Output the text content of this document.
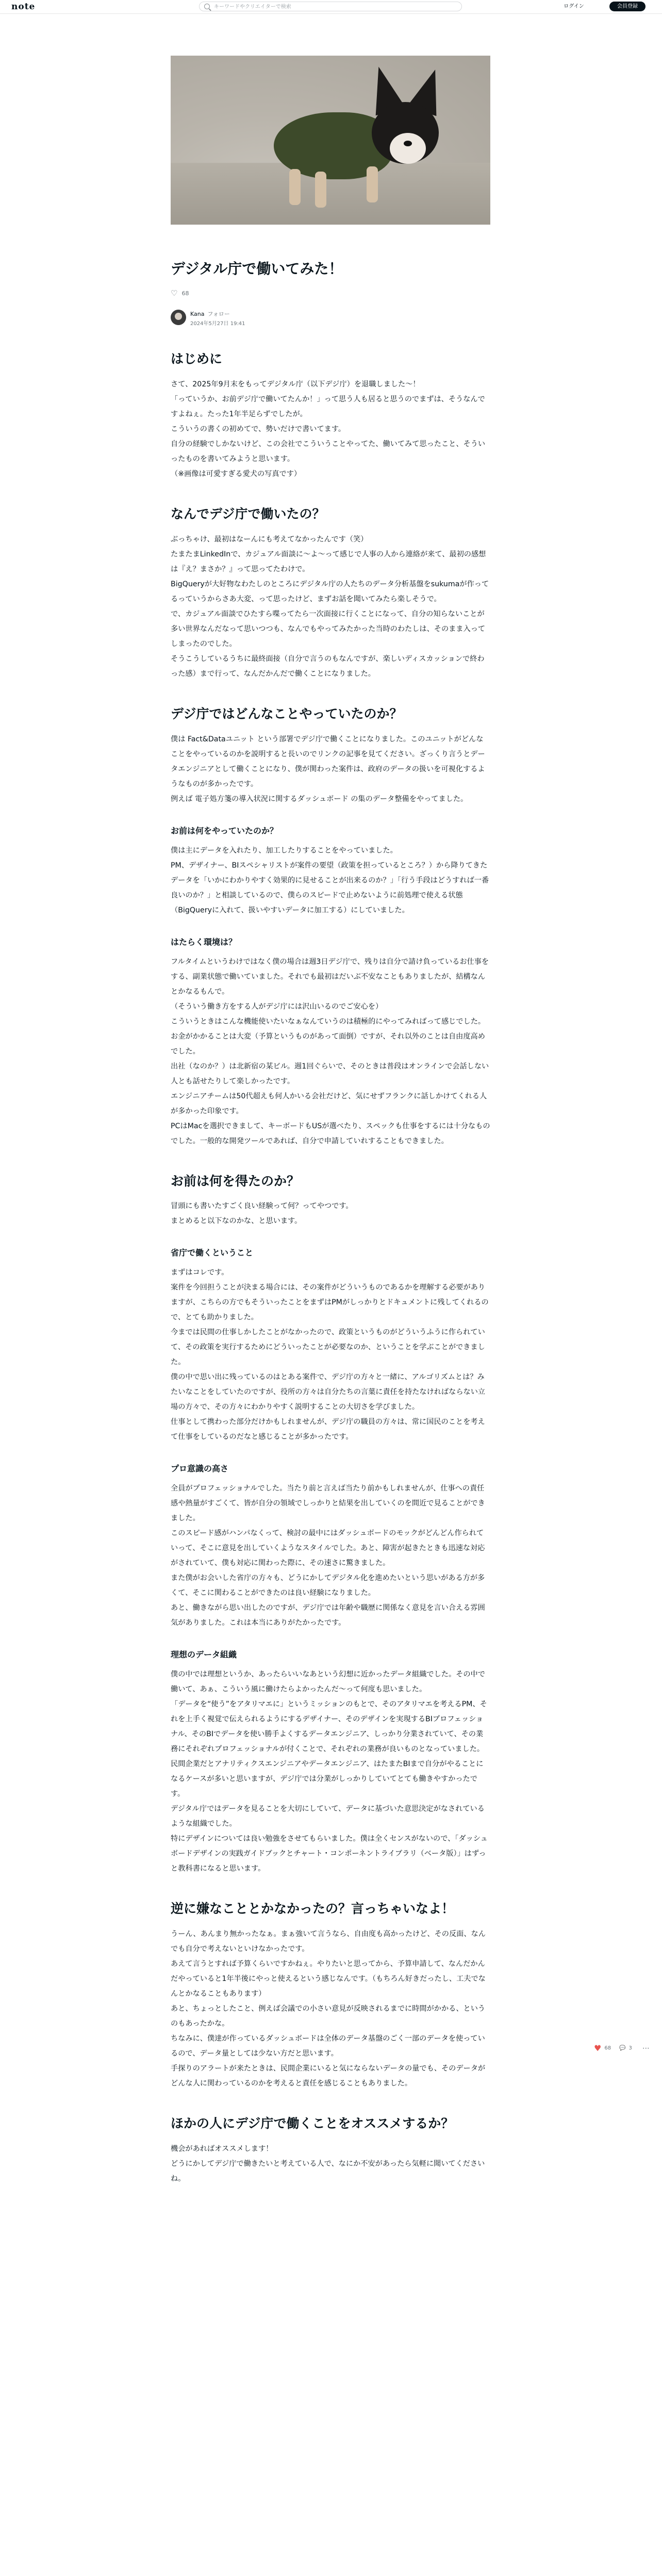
note	キーワードやクリエイターで検索	ログイン	会員登録
♥ 68 💬 3 ⋯
デジタル庁で働いてみた！
♡ 68
Kana フォロー
2024年5月27日 19:41
はじめに

さて、2025年9月末をもってデジタル庁（以下デジ庁）を退職しました〜！

「っていうか、お前デジ庁で働いてたんか！」って思う人も居ると思うのでまずは、そうなんですよねぇ。たった1年半足らずでしたが。

こういうの書くの初めてで、勢いだけで書いてます。

自分の経験でしかないけど、この会社でこういうことやってた、働いてみて思ったこと、そういったものを書いてみようと思います。

（※画像は可愛すぎる愛犬の写真です）

なんでデジ庁で働いたの？

ぶっちゃけ、最初はなーんにも考えてなかったんです（笑）

たまたまLinkedInで、カジュアル面談に〜よ〜って感じで人事の人から連絡が来て、最初の感想は『え？まさか？』って思ってたわけで。

BigQueryが大好物なわたしのところにデジタル庁の人たちのデータ分析基盤をsukumaが作ってるっていうからさあ大変、って思ったけど、まずお話を聞いてみたら楽しそうで。

で、カジュアル面談でひたすら喋ってたら一次面接に行くことになって、自分の知らないことが多い世界なんだなって思いつつも、なんでもやってみたかった当時のわたしは、そのまま入ってしまったのでした。

そうこうしているうちに最終面接（自分で言うのもなんですが、楽しいディスカッションで終わった感）まで行って、なんだかんだで働くことになりました。

デジ庁ではどんなことやっていたのか？

僕は Fact&Dataユニット という部署でデジ庁で働くことになりました。このユニットがどんなことをやっているのかを説明すると長いのでリンクの記事を見てください。ざっくり言うとデータエンジニアとして働くことになり、僕が関わった案件は、政府のデータの扱いを可視化するようなものが多かったです。

例えば 電子処方箋の導入状況に関するダッシュボード の集のデータ整備をやってました。

お前は何をやっていたのか？

僕は主にデータを入れたり、加工したりすることをやっていました。

PM、デザイナー、BIスペシャリストが案件の要望（政策を担っているところ？）から降りてきたデータを「いかにわかりやすく効果的に見せることが出来るのか？」「行う手段はどうすれば一番良いのか？」と相談しているので、僕らのスピードで止めないように前処理で使える状態（BigQueryに入れて、扱いやすいデータに加工する）にしていました。

はたらく環境は？

フルタイムというわけではなく僕の場合は週3日デジ庁で、残りは自分で請け負っているお仕事をする、副業状態で働いていました。それでも最初はだいぶ不安なこともありましたが、結構なんとかなるもんで。

（そういう働き方をする人がデジ庁には沢山いるのでご安心を）

こういうときはこんな機能使いたいなぁなんていうのは積極的にやってみればって感じでした。お金がかかることは大変（予算というものがあって面倒）ですが、それ以外のことは自由度高めでした。

出社（なのか？）は北新宿の某ビル。週1回ぐらいで、そのときは普段はオンラインで会話しない人とも話せたりして楽しかったです。

エンジニアチームは50代超えも何人かいる会社だけど、気にせずフランクに話しかけてくれる人が多かった印象です。

PCはMacを選択できまして、キーボードもUSが選べたり、スペックも仕事をするには十分なものでした。一般的な開発ツールであれば、自分で申請していれすることもできました。

お前は何を得たのか？

冒頭にも書いたすごく良い経験って何？ってやつです。

まとめると以下なのかな、と思います。

省庁で働くということ

まずはコレです。

案件を今回担うことが決まる場合には、その案件がどういうものであるかを理解する必要がありますが、こちらの方でもそういったことをまずはPMがしっかりとドキュメントに残してくれるので、とても助かりました。

今までは民間の仕事しかしたことがなかったので、政策というものがどういうふうに作られていて、その政策を実行するためにどういったことが必要なのか、ということを学ぶことができました。

僕の中で思い出に残っているのはとある案件で、デジ庁の方々と一緒に、アルゴリズムとは？みたいなことをしていたのですが、役所の方々は自分たちの言葉に責任を持たなければならない立場の方々で、その方々にわかりやすく説明することの大切さを学びました。

仕事として携わった部分だけかもしれませんが、デジ庁の職員の方々は、常に国民のことを考えて仕事をしているのだなと感じることが多かったです。

プロ意識の高さ

全員がプロフェッショナルでした。当たり前と言えば当たり前かもしれませんが、仕事への責任感や熱量がすごくて、皆が自分の領域でしっかりと結果を出していくのを間近で見ることができました。

このスピード感がハンパなくって、検討の最中にはダッシュボードのモックがどんどん作られていって、そこに意見を出していくようなスタイルでした。あと、障害が起きたときも迅速な対応がされていて、僕も対応に関わった際に、その速さに驚きました。

また僕がお会いした省庁の方々も、どうにかしてデジタル化を進めたいという思いがある方が多くて、そこに関わることができたのは良い経験になりました。

あと、働きながら思い出したのですが、デジ庁では年齢や職歴に関係なく意見を言い合える雰囲気がありました。これは本当にありがたかったです。

理想のデータ組織

僕の中では理想というか、あったらいいなあという幻想に近かったデータ組織でした。その中で働いて、あぁ、こういう風に働けたらよかったんだ〜って何度も思いました。

「データを“使う”をアタリマエに」というミッションのもとで、そのアタリマエを考えるPM、それを上手く視覚で伝えられるようにするデザイナー、そのデザインを実現するBIプロフェッショナル、そのBIでデータを使い勝手よくするデータエンジニア、しっかり分業されていて、その業務にそれぞれプロフェッショナルが付くことで、それぞれの業務が良いものとなっていました。

民間企業だとアナリティクスエンジニアやデータエンジニア、はたまたBIまで自分がやることになるケースが多いと思いますが、デジ庁では分業がしっかりしていてとても働きやすかったです。

デジタル庁ではデータを見ることを大切にしていて、データに基づいた意思決定がなされているような組織でした。

特にデザインについては良い勉強をさせてもらいました。僕は全くセンスがないので、「ダッシュボードデザインの実践ガイドブックとチャート・コンポーネントライブラリ（ベータ版）」はずっと教科書になると思います。

逆に嫌なこととかなかったの？言っちゃいなよ！

うーん、あんまり無かったなぁ。まぁ強いて言うなら、自由度も高かったけど、その反面、なんでも自分で考えないといけなかったです。

あえて言うとすれば予算くらいですかねぇ。やりたいと思ってから、予算申請して、なんだかんだやっていると1年半後にやっと使えるという感じなんです。（もちろん好きだったし、工夫でなんとかなることもあります）

あと、ちょっとしたこと、例えば会議での小さい意見が反映されるまでに時間がかかる、というのもあったかな。

ちなみに、僕達が作っているダッシュボードは全体のデータ基盤のごく一部のデータを使っているので、データ量としては少ない方だと思います。

手探りのアラートが来たときは、民間企業にいると気にならないデータの量でも、そのデータがどんな人に関わっているのかを考えると責任を感じることもありました。

ほかの人にデジ庁で働くことをオススメするか？

機会があればオススメします！

どうにかしてデジ庁で働きたいと考えている人で、なにか不安があったら気軽に聞いてくださいね。
